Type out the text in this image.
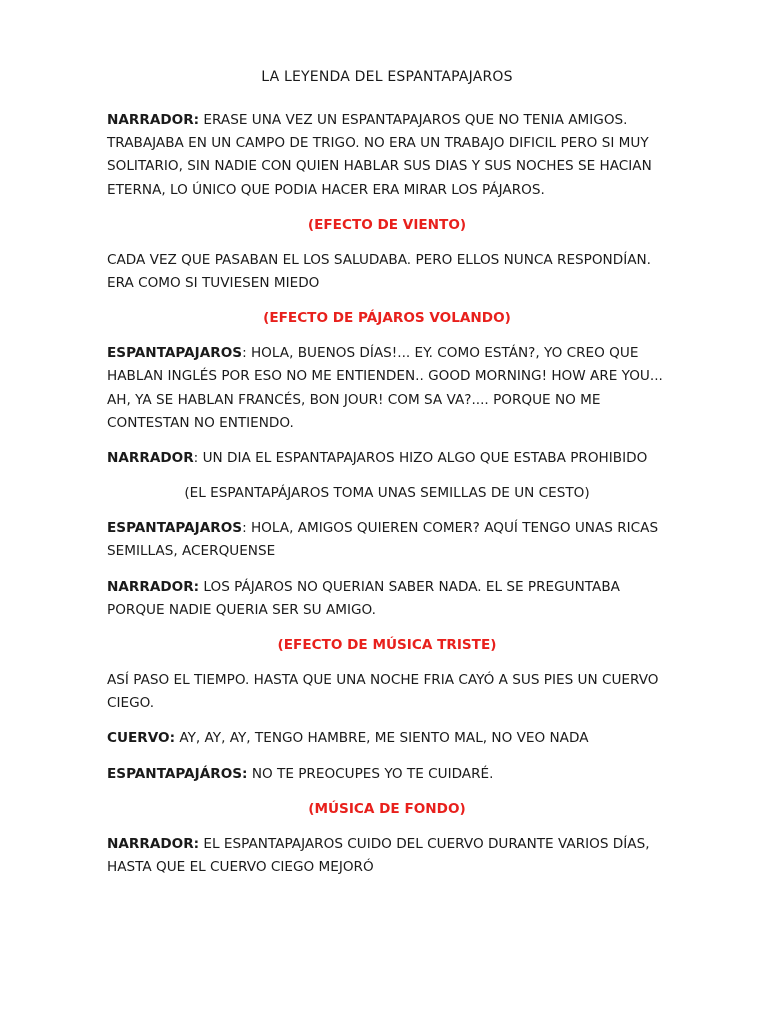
LA LEYENDA DEL ESPANTAPAJAROS

NARRADOR: ERASE UNA VEZ UN ESPANTAPAJAROS QUE NO TENIA AMIGOS. TRABAJABA EN UN CAMPO DE TRIGO. NO ERA UN TRABAJO DIFICIL PERO SI MUY SOLITARIO, SIN NADIE CON QUIEN HABLAR SUS DIAS Y SUS NOCHES SE HACIAN ETERNA, LO ÚNICO QUE PODIA HACER ERA MIRAR LOS PÁJAROS.

(EFECTO DE VIENTO)

CADA VEZ QUE PASABAN EL LOS SALUDABA. PERO ELLOS NUNCA RESPONDÍAN. ERA COMO SI TUVIESEN MIEDO

(EFECTO DE PÁJAROS VOLANDO)

ESPANTAPAJAROS: HOLA, BUENOS DÍAS!... EY. COMO ESTÁN?, YO CREO QUE HABLAN INGLÉS POR ESO NO ME ENTIENDEN.. GOOD MORNING! HOW ARE YOU... AH, YA SE HABLAN FRANCÉS, BON JOUR! COM SA VA?.... PORQUE NO ME CONTESTAN NO ENTIENDO.

NARRADOR: UN DIA EL ESPANTAPAJAROS HIZO ALGO QUE ESTABA PROHIBIDO

(EL ESPANTAPÁJAROS TOMA UNAS SEMILLAS DE UN CESTO)

ESPANTAPAJAROS: HOLA, AMIGOS QUIEREN COMER? AQUÍ TENGO UNAS RICAS SEMILLAS, ACERQUENSE

NARRADOR: LOS PÁJAROS NO QUERIAN SABER NADA. EL SE PREGUNTABA PORQUE NADIE QUERIA SER SU AMIGO.

(EFECTO DE MÚSICA TRISTE)

ASÍ PASO EL TIEMPO. HASTA QUE UNA NOCHE FRIA CAYÓ A SUS PIES UN CUERVO CIEGO.

CUERVO: AY, AY, AY, TENGO HAMBRE, ME SIENTO MAL, NO VEO NADA

ESPANTAPAJÁROS: NO TE PREOCUPES YO TE CUIDARÉ.

(MÚSICA DE FONDO)

NARRADOR: EL ESPANTAPAJAROS CUIDO DEL CUERVO DURANTE VARIOS DÍAS, HASTA QUE EL CUERVO CIEGO MEJORÓ
